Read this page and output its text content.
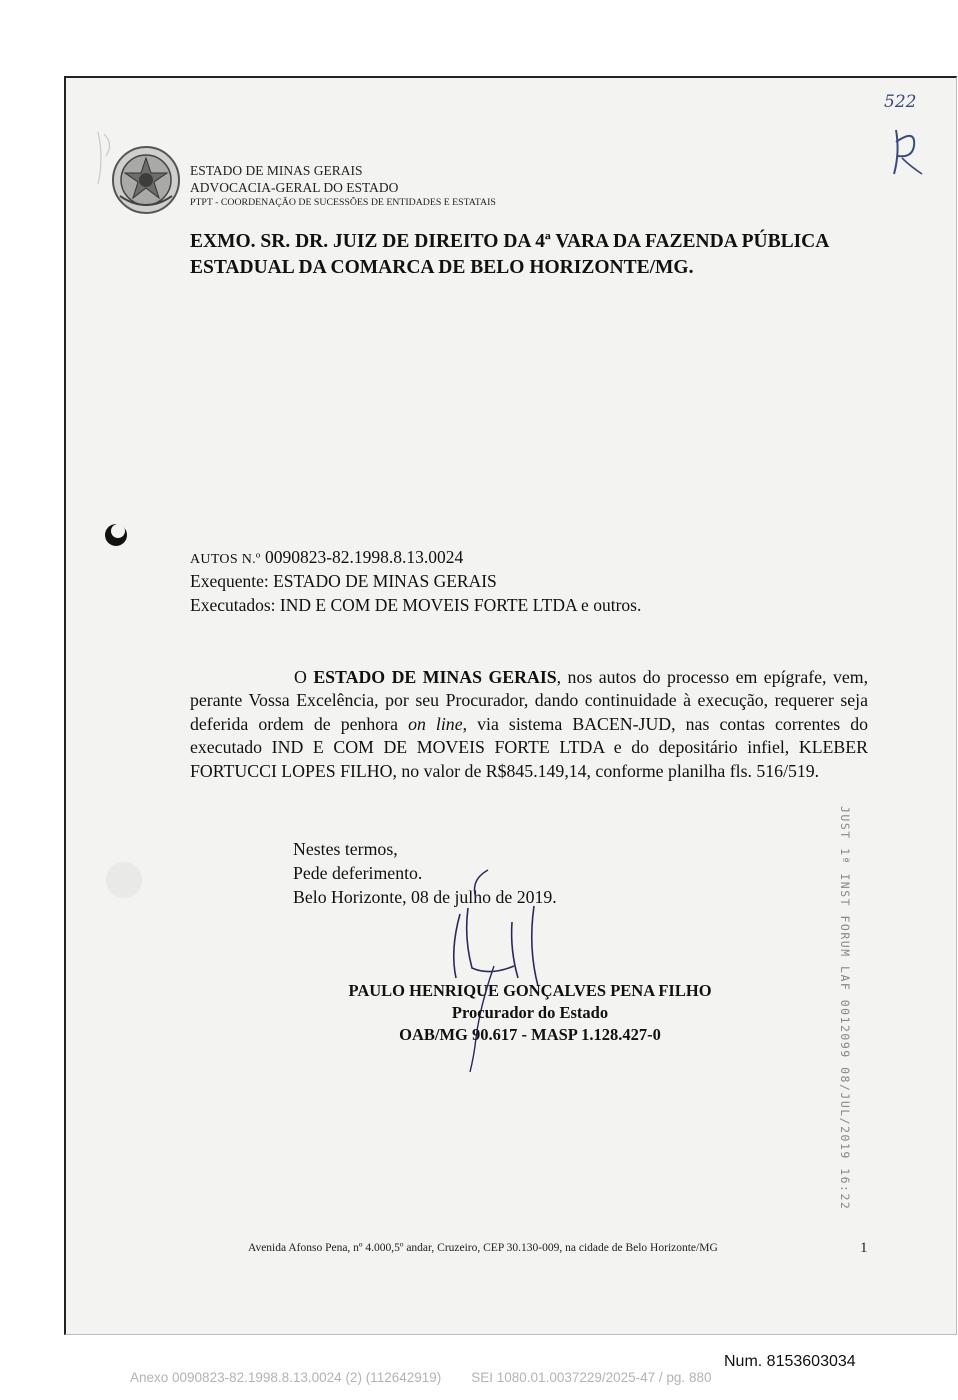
ESTADO DE MINAS GERAIS
ADVOCACIA-GERAL DO ESTADO
PTPT - COORDENAÇÃO DE SUCESSÕES DE ENTIDADES E ESTATAIS
522
EXMO. SR. DR. JUIZ DE DIREITO DA 4ª VARA DA FAZENDA PÚBLICA
ESTADUAL DA COMARCA DE BELO HORIZONTE/MG.
AUTOS N.º 0090823-82.1998.8.13.0024
Exequente: ESTADO DE MINAS GERAIS
Executados: IND E COM DE MOVEIS FORTE LTDA e outros.
O ESTADO DE MINAS GERAIS, nos autos do processo em epígrafe, vem, perante Vossa Excelência, por seu Procurador, dando continuidade à execução, requerer seja deferida ordem de penhora on line, via sistema BACEN-JUD, nas contas correntes do executado IND E COM DE MOVEIS FORTE LTDA e do depositário infiel, KLEBER FORTUCCI LOPES FILHO, no valor de R$845.149,14, conforme planilha fls. 516/519.
Nestes termos,
Pede deferimento.
Belo Horizonte, 08 de julho de 2019.
PAULO HENRIQUE GONÇALVES PENA FILHO
Procurador do Estado
OAB/MG 90.617 - MASP 1.128.427-0	JUST 1ª INST FORUM LAF 0012099 08/JUL/2019 16:22
Avenida Afonso Pena, nº 4.000,5º andar, Cruzeiro, CEP 30.130-009, na cidade de Belo Horizonte/MG	1
Num. 8153603034
Anexo 0090823-82.1998.8.13.0024 (2) (112642919)        SEI 1080.01.0037229/2025-47 / pg. 880
